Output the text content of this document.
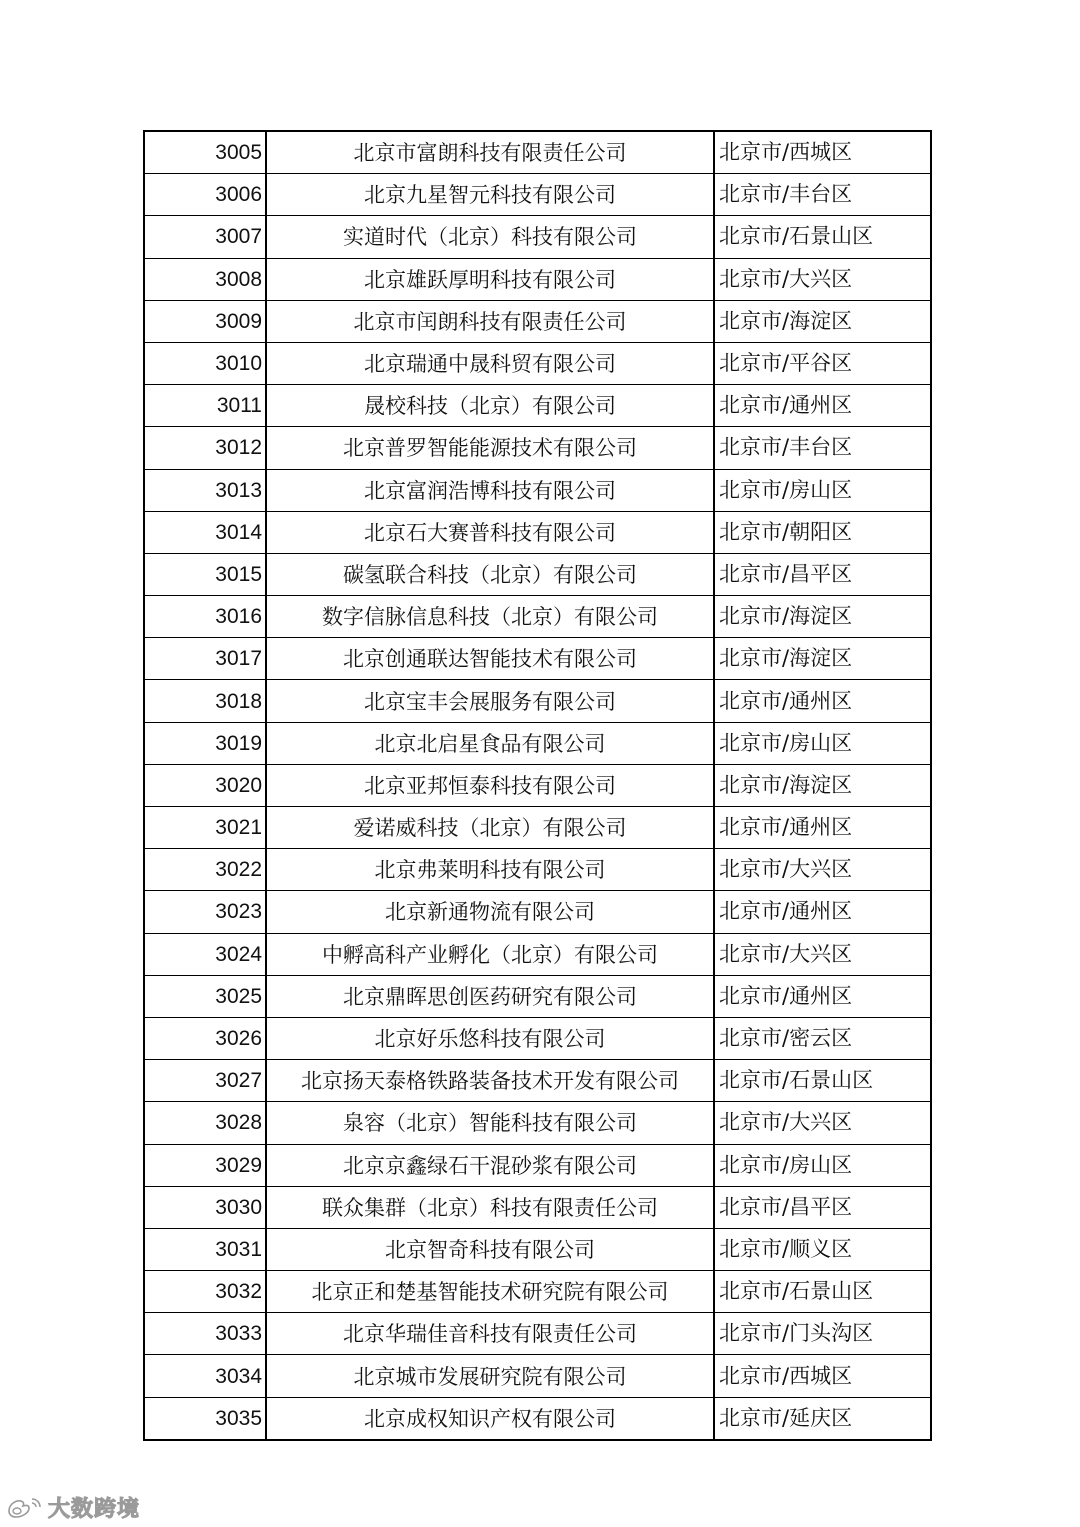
3005	北京市富朗科技有限责任公司	北京市/西城区
3006	北京九星智元科技有限公司	北京市/丰台区
3007	实道时代（北京）科技有限公司	北京市/石景山区
3008	北京雄跃厚明科技有限公司	北京市/大兴区
3009	北京市闰朗科技有限责任公司	北京市/海淀区
3010	北京瑞通中晟科贸有限公司	北京市/平谷区
3011	晟校科技（北京）有限公司	北京市/通州区
3012	北京普罗智能能源技术有限公司	北京市/丰台区
3013	北京富润浩博科技有限公司	北京市/房山区
3014	北京石大赛普科技有限公司	北京市/朝阳区
3015	碳氢联合科技（北京）有限公司	北京市/昌平区
3016	数字信脉信息科技（北京）有限公司	北京市/海淀区
3017	北京创通联达智能技术有限公司	北京市/海淀区
3018	北京宝丰会展服务有限公司	北京市/通州区
3019	北京北启星食品有限公司	北京市/房山区
3020	北京亚邦恒泰科技有限公司	北京市/海淀区
3021	爱诺威科技（北京）有限公司	北京市/通州区
3022	北京弗莱明科技有限公司	北京市/大兴区
3023	北京新通物流有限公司	北京市/通州区
3024	中孵高科产业孵化（北京）有限公司	北京市/大兴区
3025	北京鼎晖思创医药研究有限公司	北京市/通州区
3026	北京好乐悠科技有限公司	北京市/密云区
3027	北京扬天泰格铁路装备技术开发有限公司	北京市/石景山区
3028	泉容（北京）智能科技有限公司	北京市/大兴区
3029	北京京鑫绿石干混砂浆有限公司	北京市/房山区
3030	联众集群（北京）科技有限责任公司	北京市/昌平区
3031	北京智奇科技有限公司	北京市/顺义区
3032	北京正和楚基智能技术研究院有限公司	北京市/石景山区
3033	北京华瑞佳音科技有限责任公司	北京市/门头沟区
3034	北京城市发展研究院有限公司	北京市/西城区
3035	北京成权知识产权有限公司	北京市/延庆区
大数跨境
